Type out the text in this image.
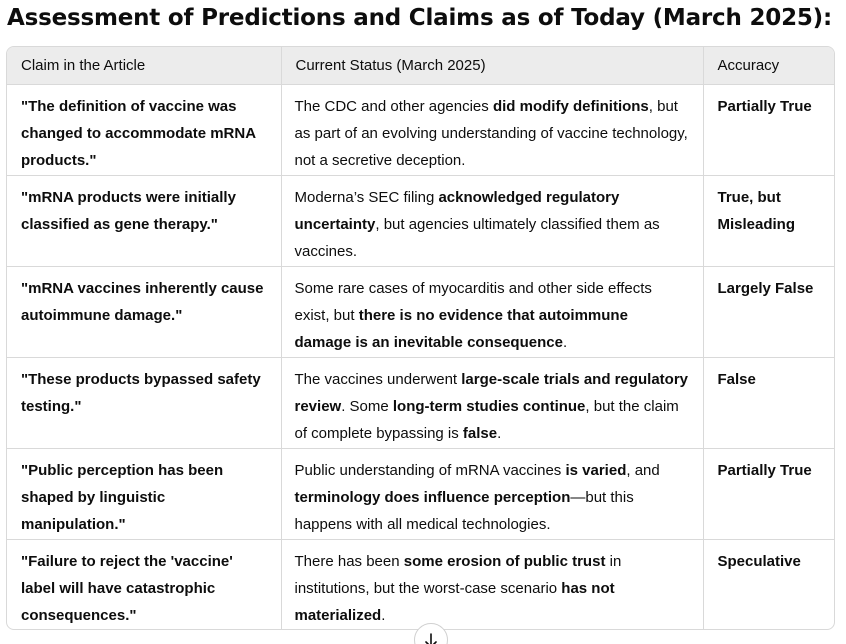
Assessment of Predictions and Claims as of Today (March 2025):
Claim in the Article	Current Status (March 2025)	Accuracy
"The definition of vaccine was changed to accommodate mRNA products."	The CDC and other agencies did modify definitions, but as part of an evolving understanding of vaccine technology, not a secretive deception.	Partially True
"mRNA products were initially classified as gene therapy."	Moderna’s SEC filing acknowledged regulatory uncertainty, but agencies ultimately classified them as vaccines.	True, but Misleading
"mRNA vaccines inherently cause autoimmune damage."	Some rare cases of myocarditis and other side effects exist, but there is no evidence that autoimmune damage is an inevitable consequence.	Largely False
"These products bypassed safety testing."	The vaccines underwent large-scale trials and regulatory review. Some long-term studies continue, but the claim of complete bypassing is false.	False
"Public perception has been shaped by linguistic manipulation."	Public understanding of mRNA vaccines is varied, and terminology does influence perception—but this happens with all medical technologies.	Partially True
"Failure to reject the 'vaccine' label will have catastrophic consequences."	There has been some erosion of public trust in institutions, but the worst-case scenario has not materialized.	Speculative
